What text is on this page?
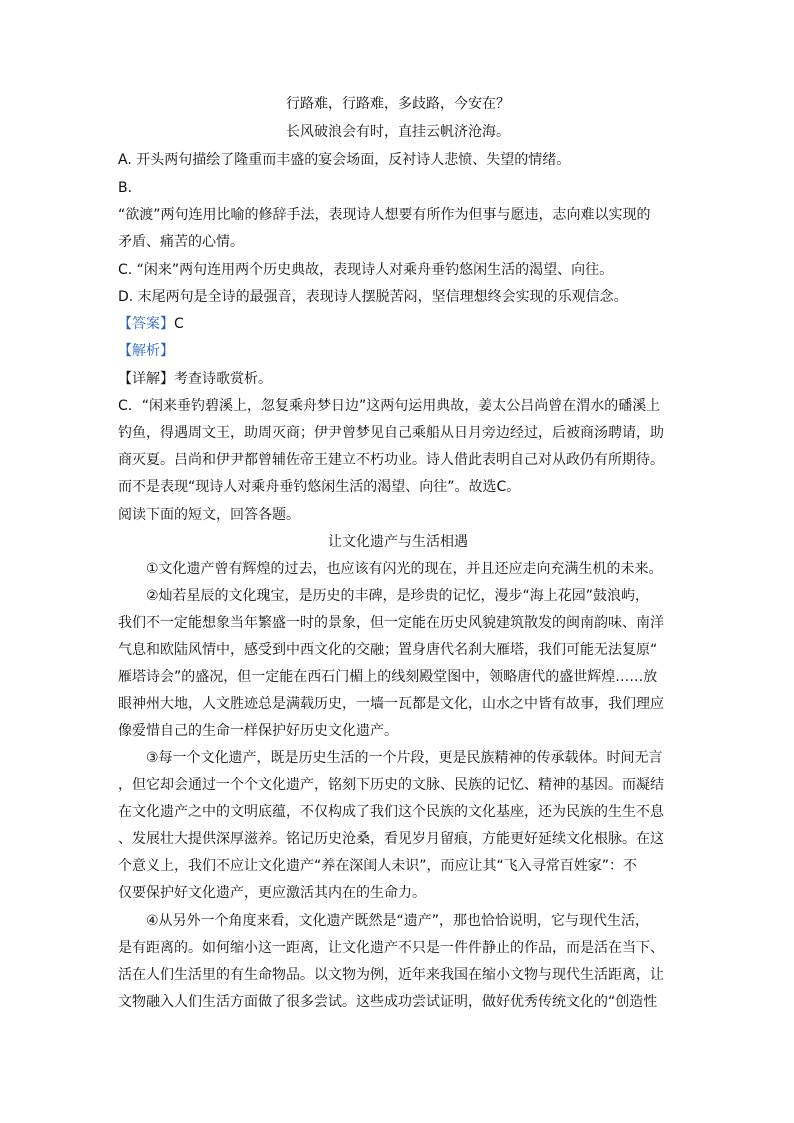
行路难，行路难，多歧路，今安在？
长风破浪会有时，直挂云帆济沧海。
A. 开头两句描绘了隆重而丰盛的宴会场面，反衬诗人悲愤、失望的情绪。
B.
“欲渡”两句连用比喻的修辞手法，表现诗人想要有所作为但事与愿违，志向难以实现的
矛盾、痛苦的心情。
C. “闲来”两句连用两个历史典故，表现诗人对乘舟垂钓悠闲生活的渴望、向往。
D. 末尾两句是全诗的最强音，表现诗人摆脱苦闷，坚信理想终会实现的乐观信念。
【答案】C
【解析】
【详解】考查诗歌赏析。
C．“闲来垂钓碧溪上，忽复乘舟梦日边”这两句运用典故，姜太公吕尚曾在渭水的磻溪上
钓鱼，得遇周文王，助周灭商；伊尹曾梦见自己乘船从日月旁边经过，后被商汤聘请，助
商灭夏。吕尚和伊尹都曾辅佐帝王建立不朽功业。诗人借此表明自己对从政仍有所期待。
而不是表现“现诗人对乘舟垂钓悠闲生活的渴望、向往”。故选C。
阅读下面的短文，回答各题。
让文化遗产与生活相遇
①文化遗产曾有辉煌的过去，也应该有闪光的现在，并且还应走向充满生机的未来。
②灿若星辰的文化瑰宝，是历史的丰碑，是珍贵的记忆，漫步“海上花园”鼓浪屿，
我们不一定能想象当年繁盛一时的景象，但一定能在历史风貌建筑散发的闽南韵味、南洋
气息和欧陆风情中，感受到中西文化的交融；置身唐代名刹大雁塔，我们可能无法复原“
雁塔诗会”的盛况，但一定能在西石门楣上的线刻殿堂图中，领略唐代的盛世辉煌……放
眼神州大地，人文胜迹总是满载历史，一墙一瓦都是文化，山水之中皆有故事，我们理应
像爱惜自己的生命一样保护好历史文化遗产。
③每一个文化遗产，既是历史生活的一个片段，更是民族精神的传承载体。时间无言
，但它却会通过一个个文化遗产，铭刻下历史的文脉、民族的记忆、精神的基因。而凝结
在文化遗产之中的文明底蕴，不仅构成了我们这个民族的文化基座，还为民族的生生不息
、发展壮大提供深厚滋养。铭记历史沧桑，看见岁月留痕，方能更好延续文化根脉。在这
个意义上，我们不应让文化遗产“养在深闺人未识”，而应让其“飞入寻常百姓家”：不
仅要保护好文化遗产，更应激活其内在的生命力。
④从另外一个角度来看，文化遗产既然是“遗产”，那也恰恰说明，它与现代生活，
是有距离的。如何缩小这一距离，让文化遗产不只是一件件静止的作品，而是活在当下、
活在人们生活里的有生命物品。以文物为例，近年来我国在缩小文物与现代生活距离，让
文物融入人们生活方面做了很多尝试。这些成功尝试证明，做好优秀传统文化的“创造性
